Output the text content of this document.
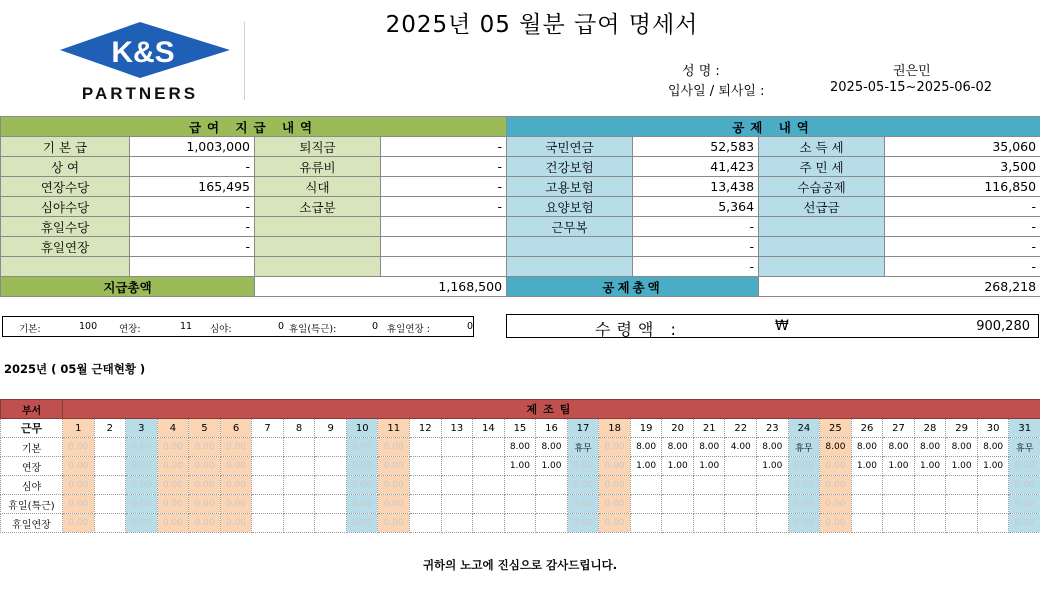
2025년 05 월분 급여 명세서
K&S
PARTNERS
성 명 :	권은민
입사일 / 퇴사일 :	2025-05-15~2025-06-02
급여 지급 내역				공제 내역			
기 본 급	1,003,000	퇴직금	-	국민연금	52,583	소 득 세	35,060
상 여	-	유류비	-	건강보험	41,423	주 민 세	3,500
연장수당	165,495	식대	-	고용보험	13,438	수습공제	116,850
심야수당	-	소급분	-	요양보험	5,364	선급금	-
휴일수당	-			근무복	-		-
휴일연장	-				-		-
					-		-
지급총액		1,168,500		공제총액		268,218	
기본:	100 연장:	11 심야:	0 휴일(특근):	0 휴일연장 :	0	수령액 :	₩	900,280
2025년 ( 05월 근태현황 )
부서	제조팀																														
근무	1	2	3	4	5	6	7	8	9	10	11	12	13	14	15	16	17	18	19	20	21	22	23	24	25	26	27	28	29	30	31
기본	0.00		0.00	0.00	0.00	0.00				0.00	0.00				8.00	8.00	휴무	0.00	8.00	8.00	8.00	4.00	8.00	휴무	8.00	8.00	8.00	8.00	8.00	8.00	휴무
연장	0.00		0.00	0.00	0.00	0.00				0.00	0.00				1.00	1.00	0.00	0.00	1.00	1.00	1.00		1.00	0.00	0.00	1.00	1.00	1.00	1.00	1.00	0.00
심야	0.00		0.00	0.00	0.00	0.00				0.00	0.00						0.00	0.00						0.00	0.00						0.00
휴일(특근)	0.00		0.00	0.00	0.00	0.00				0.00	0.00						0.00	0.00						0.00	0.00						0.00
휴일연장	0.00		0.00	0.00	0.00	0.00				0.00	0.00						0.00	0.00						0.00	0.00						0.00
귀하의 노고에 진심으로 감사드립니다.
